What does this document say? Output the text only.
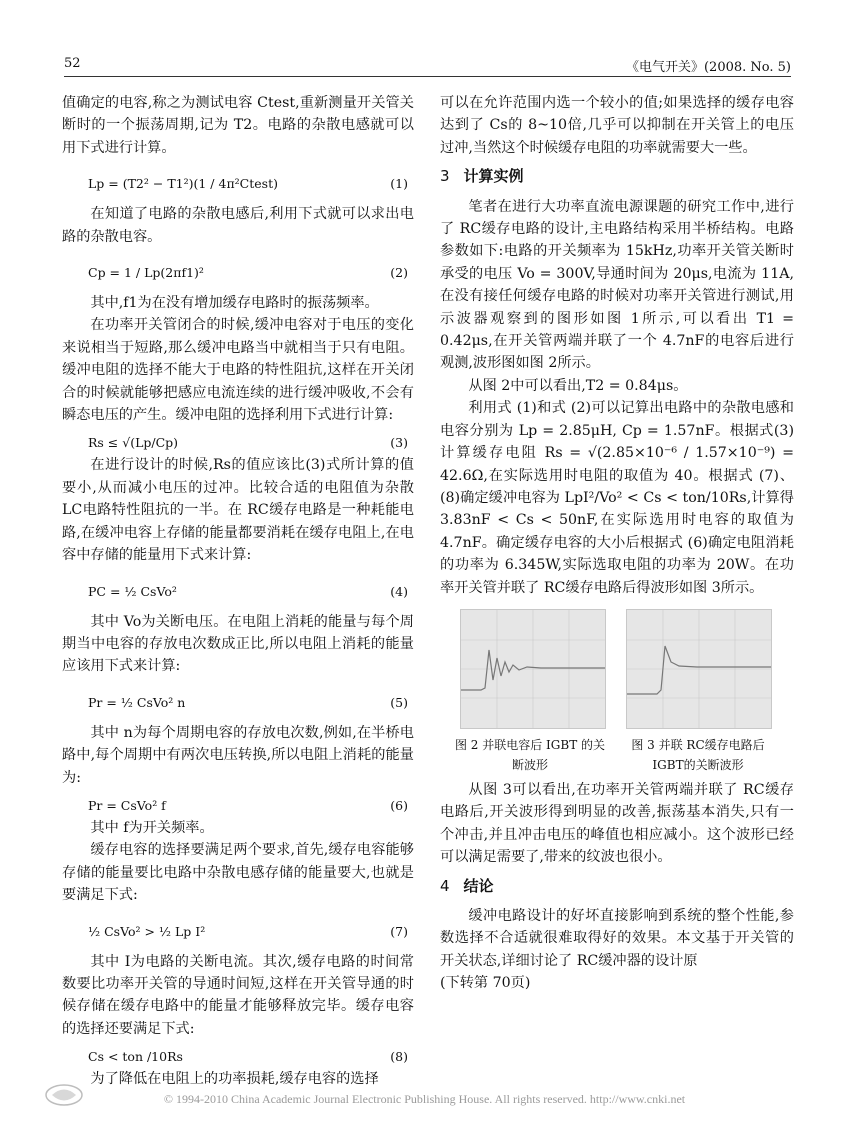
52	《电气开关》(2008. No. 5)

值确定的电容,称之为测试电容 Ctest,重新测量开关管关断时的一个振荡周期,记为 T2。电路的杂散电感就可以用下式进行计算。

Lp = (T2² − T1²)(1 / 4π²Ctest)	(1)

在知道了电路的杂散电感后,利用下式就可以求出电路的杂散电容。

Cp = 1 / Lp(2πf1)²	(2)

其中,f1为在没有增加缓存电路时的振荡频率。

在功率开关管闭合的时候,缓冲电容对于电压的变化来说相当于短路,那么缓冲电路当中就相当于只有电阻。缓冲电阻的选择不能大于电路的特性阻抗,这样在开关闭合的时候就能够把感应电流连续的进行缓冲吸收,不会有瞬态电压的产生。缓冲电阻的选择利用下式进行计算:

Rs ≤ √(Lp/Cp)	(3)

在进行设计的时候,Rs的值应该比(3)式所计算的值要小,从而减小电压的过冲。比较合适的电阻值为杂散 LC电路特性阻抗的一半。在 RC缓存电路是一种耗能电路,在缓冲电容上存储的能量都要消耗在缓存电阻上,在电容中存储的能量用下式来计算:

PC = ½ CsVo²	(4)

其中 Vo为关断电压。在电阻上消耗的能量与每个周期当中电容的存放电次数成正比,所以电阻上消耗的能量应该用下式来计算:

Pr = ½ CsVo² n	(5)

其中 n为每个周期电容的存放电次数,例如,在半桥电路中,每个周期中有两次电压转换,所以电阻上消耗的能量为:

Pr = CsVo² f	(6)

其中 f为开关频率。

缓存电容的选择要满足两个要求,首先,缓存电容能够存储的能量要比电路中杂散电感存储的能量要大,也就是要满足下式:

½ CsVo² > ½ Lp I²	(7)

其中 I为电路的关断电流。其次,缓存电路的时间常数要比功率开关管的导通时间短,这样在开关管导通的时候存储在缓存电路中的能量才能够释放完毕。缓存电容的选择还要满足下式:

Cs < ton /10Rs	(8)

为了降低在电阻上的功率损耗,缓存电容的选择

可以在允许范围内选一个较小的值;如果选择的缓存电容达到了 Cs的 8~10倍,几乎可以抑制在开关管上的电压过冲,当然这个时候缓存电阻的功率就需要大一些。

3 计算实例

笔者在进行大功率直流电源课题的研究工作中,进行了 RC缓存电路的设计,主电路结构采用半桥结构。电路参数如下:电路的开关频率为 15kHz,功率开关管关断时承受的电压 Vo = 300V,导通时间为 20μs,电流为 11A,在没有接任何缓存电路的时候对功率开关管进行测试,用示波器观察到的图形如图 1所示,可以看出 T1 = 0.42μs,在开关管两端并联了一个 4.7nF的电容后进行观测,波形图如图 2所示。

从图 2中可以看出,T2 = 0.84μs。

利用式 (1)和式 (2)可以记算出电路中的杂散电感和电容分别为 Lp = 2.85μH, Cp = 1.57nF。根据式(3)计算缓存电阻 Rs = √(2.85×10⁻⁶ / 1.57×10⁻⁹) = 42.6Ω,在实际选用时电阻的取值为 40。根据式 (7)、(8)确定缓冲电容为 LpI²/Vo² < Cs < ton/10Rs,计算得 3.83nF < Cs < 50nF,在实际选用时电容的取值为 4.7nF。确定缓存电容的大小后根据式 (6)确定电阻消耗的功率为 6.345W,实际选取电阻的功率为 20W。在功率开关管并联了 RC缓存电路后得波形如图 3所示。

图 2 并联电容后 IGBT 的关断波形
图 3 并联 RC缓存电路后 IGBT的关断波形

从图 3可以看出,在功率开关管两端并联了 RC缓存电路后,开关波形得到明显的改善,振荡基本消失,只有一个冲击,并且冲击电压的峰值也相应减小。这个波形已经可以满足需要了,带来的纹波也很小。

4 结论

缓冲电路设计的好坏直接影响到系统的整个性能,参数选择不合适就很难取得好的效果。本文基于开关管的开关状态,详细讨论了 RC缓冲器的设计原

(下转第 70页)

© 1994-2010 China Academic Journal Electronic Publishing House. All rights reserved. http://www.cnki.net
